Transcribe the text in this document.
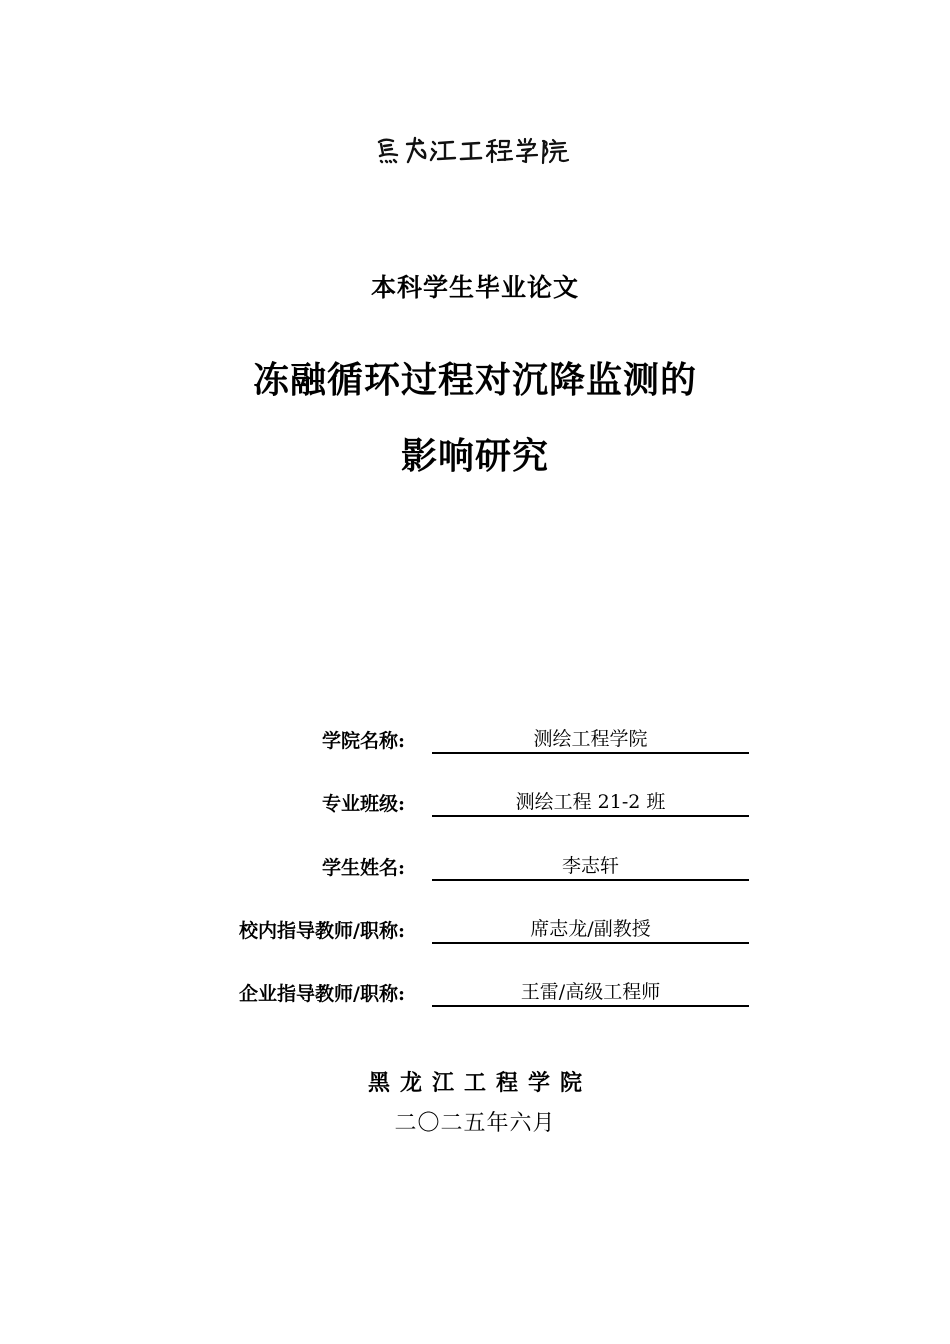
本科学生毕业论文
冻融循环过程对沉降监测的
影响研究
学院名称:	测绘工程学院
专业班级:	测绘工程 21-2 班
学生姓名:	李志轩
校内指导教师/职称:	席志龙/副教授
企业指导教师/职称:	王雷/高级工程师
黑龙江工程学院
二〇二五年六月
